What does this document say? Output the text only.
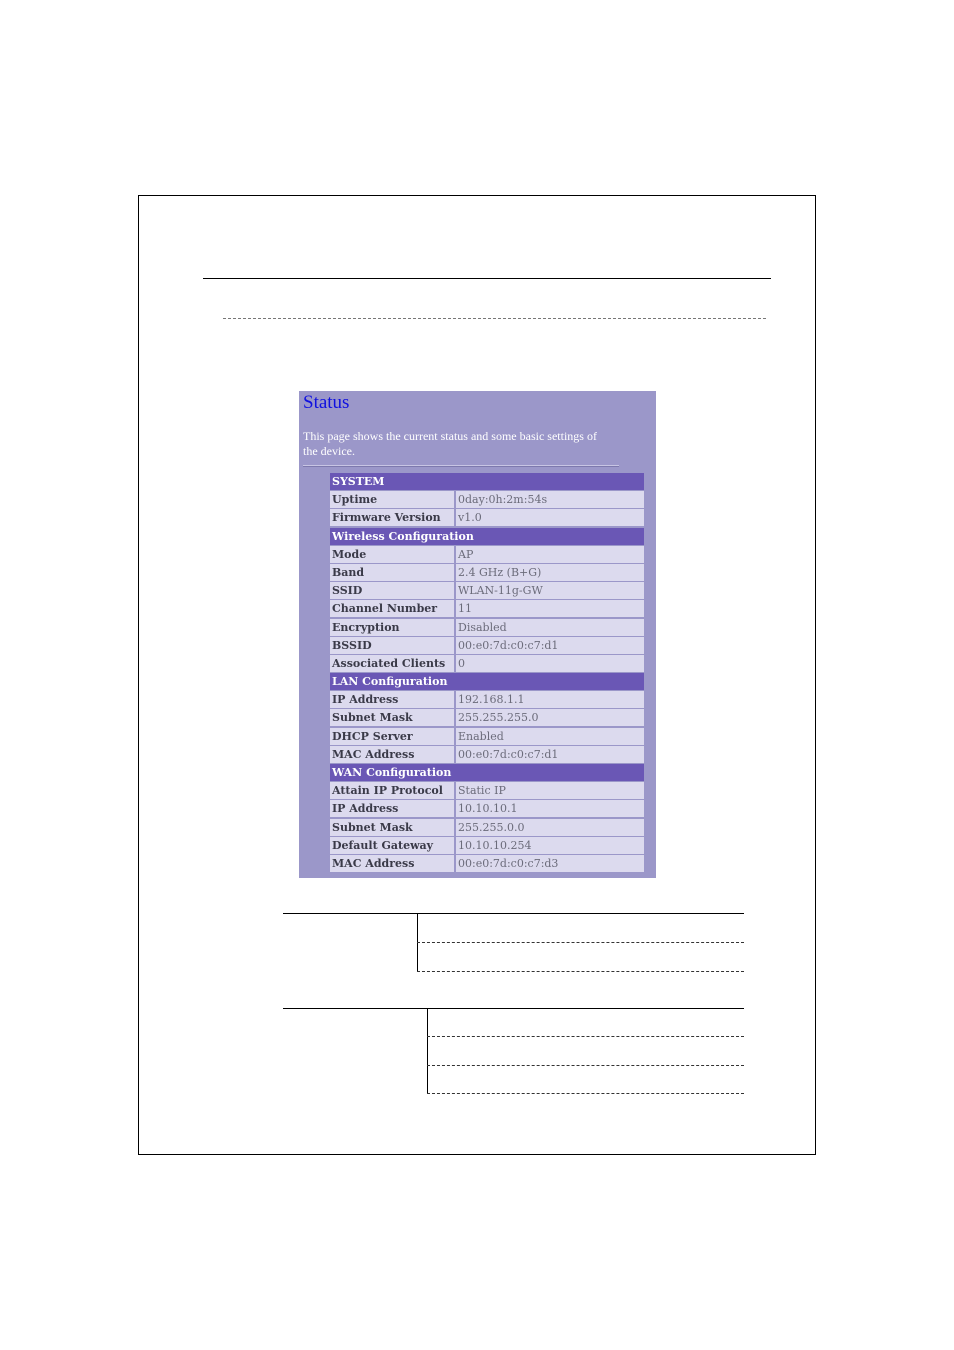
Status
This page shows the current status and some basic settings of the device.
SYSTEM
Uptime	0day:0h:2m:54s
Firmware Version	v1.0
Wireless Configuration
Mode	AP
Band	2.4 GHz (B+G)
SSID	WLAN-11g-GW
Channel Number	11
Encryption	Disabled
BSSID	00:e0:7d:c0:c7:d1
Associated Clients	0
LAN Configuration
IP Address	192.168.1.1
Subnet Mask	255.255.255.0
DHCP Server	Enabled
MAC Address	00:e0:7d:c0:c7:d1
WAN Configuration
Attain IP Protocol	Static IP
IP Address	10.10.10.1
Subnet Mask	255.255.0.0
Default Gateway	10.10.10.254
MAC Address	00:e0:7d:c0:c7:d3
